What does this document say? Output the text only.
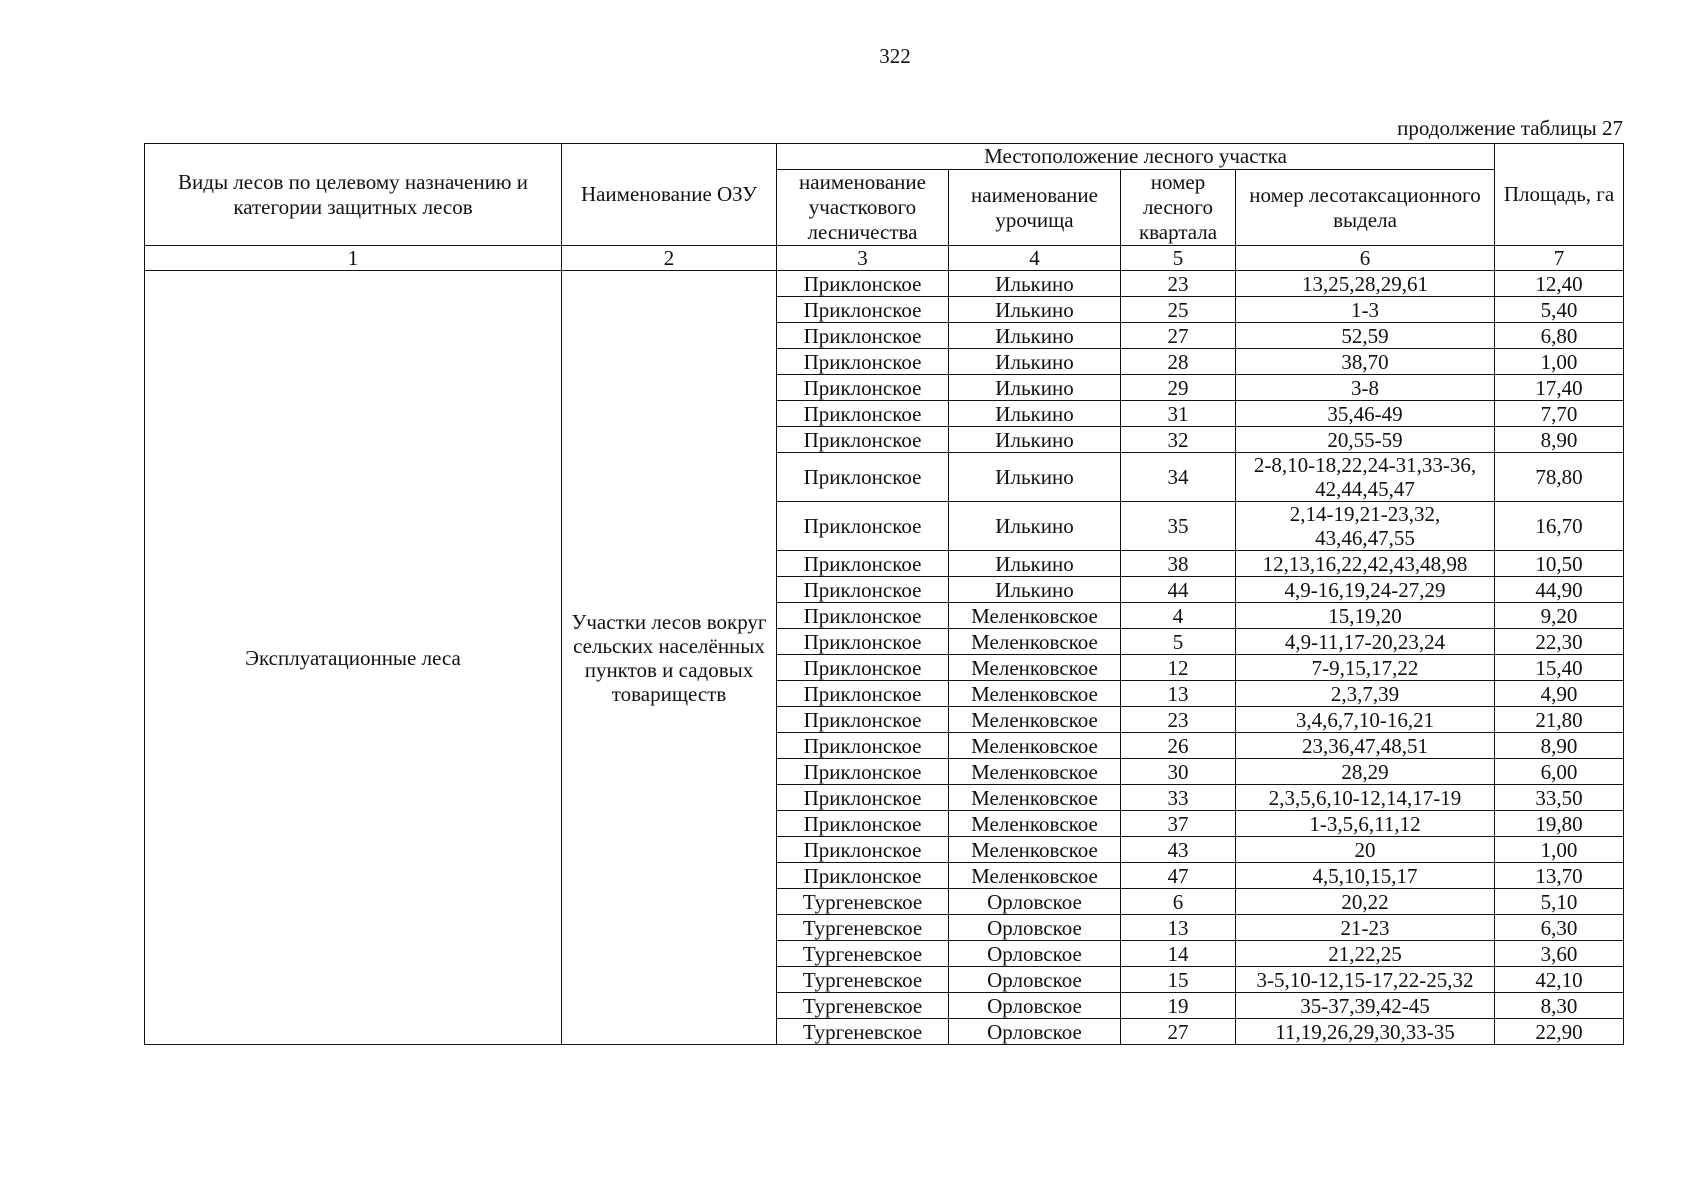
322
продолжение таблицы 27
Виды лесов по целевому назначению и категории защитных лесов	Наименование ОЗУ	Местоположение лесного участка				Площадь, га
		наименование участкового лесничества	наименование урочища	номер лесного квартала	номер лесотаксационного выдела	
1	2	3	4	5	6	7
Эксплуатационные леса	Участки лесов вокруг сельских населённых пунктов и садовых товариществ	Приклонское	Илькино	23	13,25,28,29,61	12,40
		Приклонское	Илькино	25	1-3	5,40
		Приклонское	Илькино	27	52,59	6,80
		Приклонское	Илькино	28	38,70	1,00
		Приклонское	Илькино	29	3-8	17,40
		Приклонское	Илькино	31	35,46-49	7,70
		Приклонское	Илькино	32	20,55-59	8,90
		Приклонское	Илькино	34	2-8,10-18,22,24-31,33-36, 42,44,45,47	78,80
		Приклонское	Илькино	35	2,14-19,21-23,32, 43,46,47,55	16,70
		Приклонское	Илькино	38	12,13,16,22,42,43,48,98	10,50
		Приклонское	Илькино	44	4,9-16,19,24-27,29	44,90
		Приклонское	Меленковское	4	15,19,20	9,20
		Приклонское	Меленковское	5	4,9-11,17-20,23,24	22,30
		Приклонское	Меленковское	12	7-9,15,17,22	15,40
		Приклонское	Меленковское	13	2,3,7,39	4,90
		Приклонское	Меленковское	23	3,4,6,7,10-16,21	21,80
		Приклонское	Меленковское	26	23,36,47,48,51	8,90
		Приклонское	Меленковское	30	28,29	6,00
		Приклонское	Меленковское	33	2,3,5,6,10-12,14,17-19	33,50
		Приклонское	Меленковское	37	1-3,5,6,11,12	19,80
		Приклонское	Меленковское	43	20	1,00
		Приклонское	Меленковское	47	4,5,10,15,17	13,70
		Тургеневское	Орловское	6	20,22	5,10
		Тургеневское	Орловское	13	21-23	6,30
		Тургеневское	Орловское	14	21,22,25	3,60
		Тургеневское	Орловское	15	3-5,10-12,15-17,22-25,32	42,10
		Тургеневское	Орловское	19	35-37,39,42-45	8,30
		Тургеневское	Орловское	27	11,19,26,29,30,33-35	22,90
